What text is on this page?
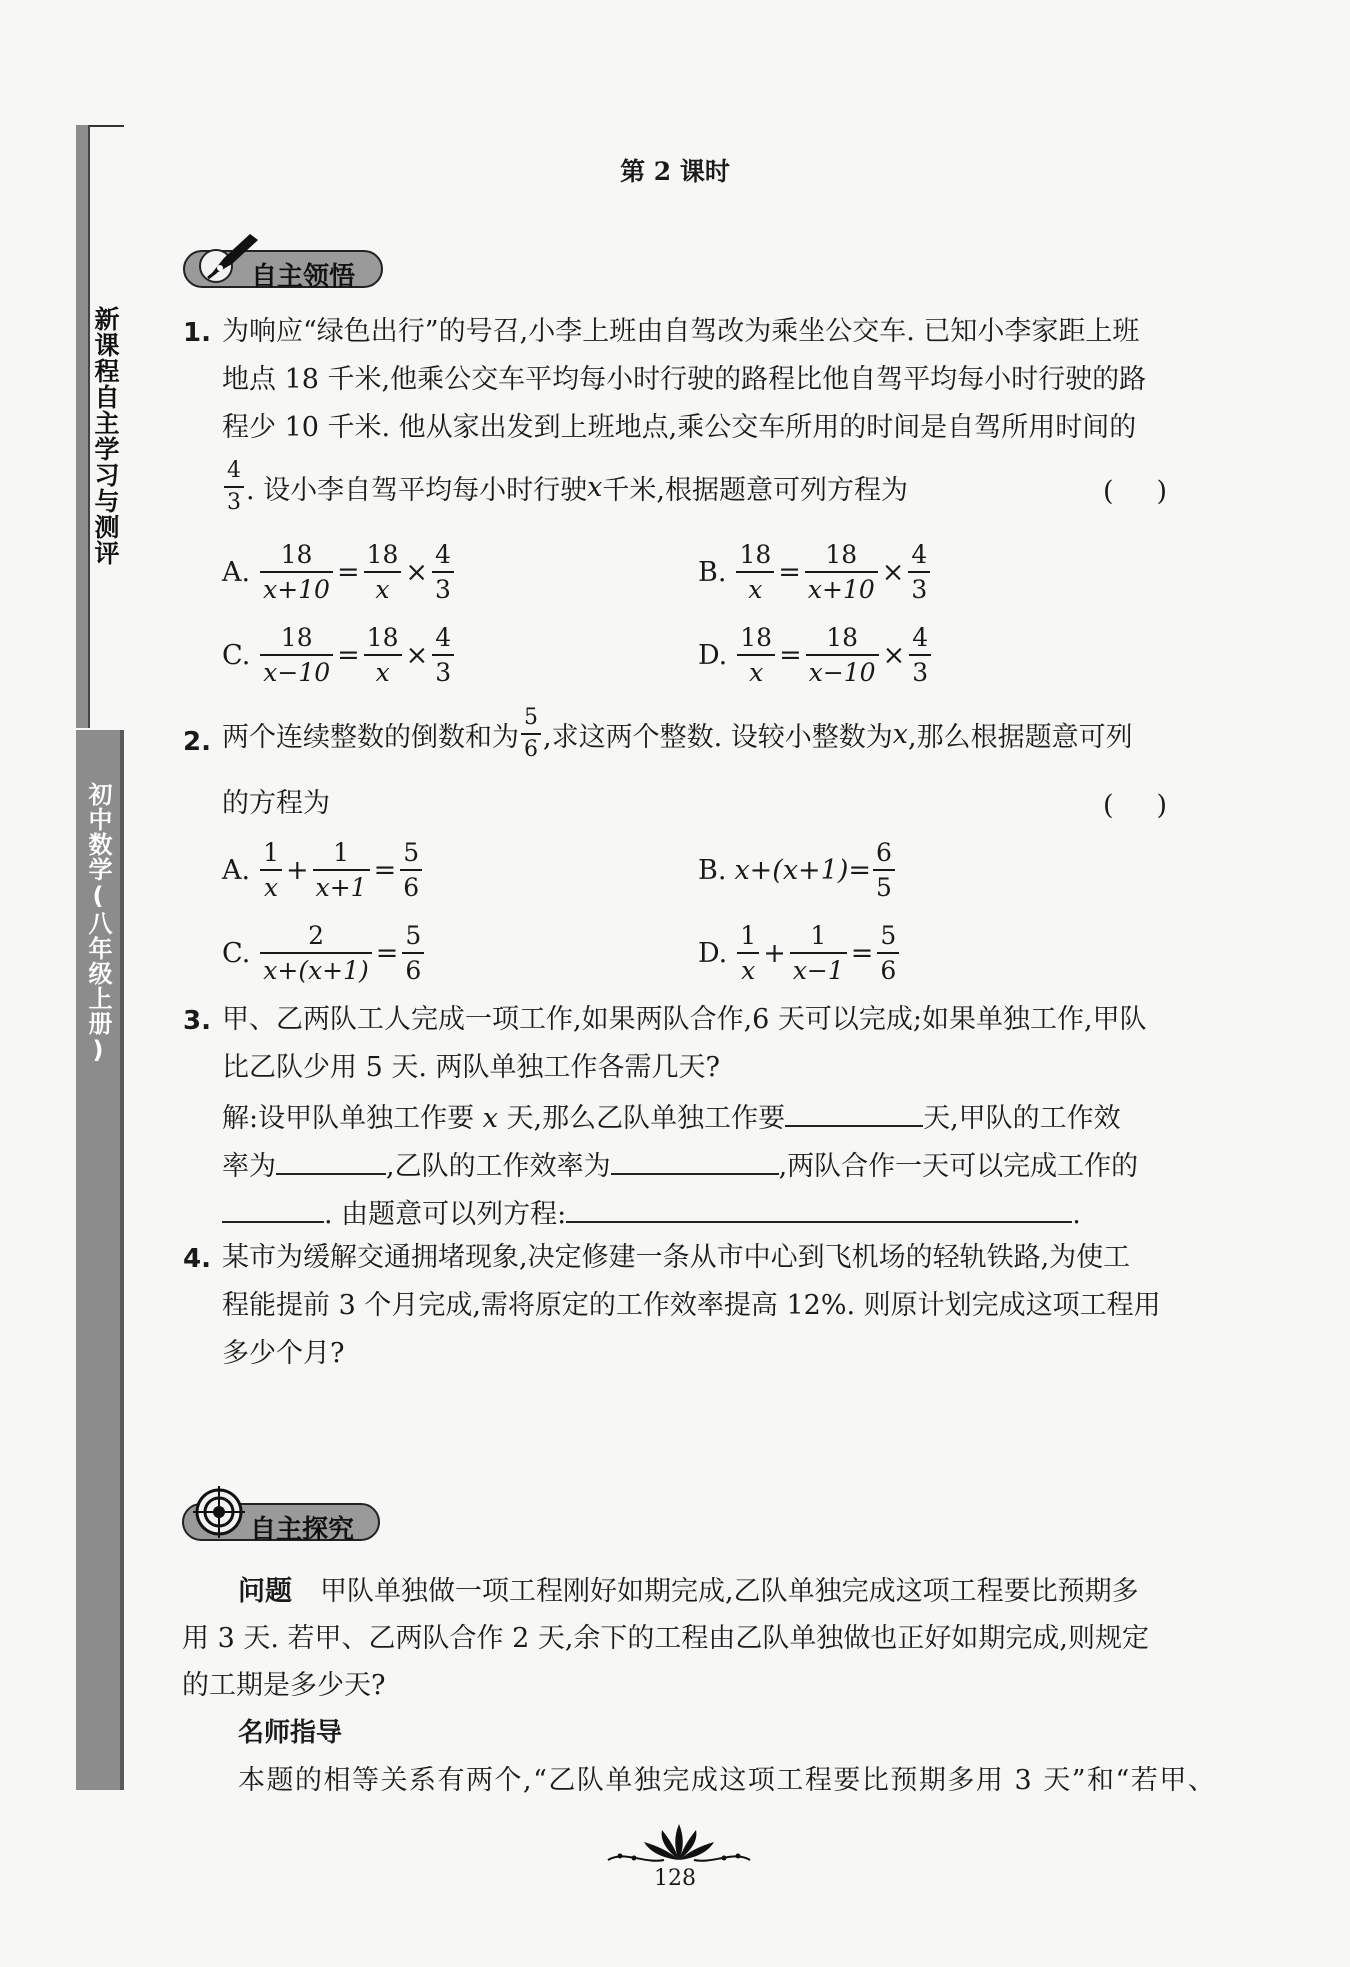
新课程自主学习与测评
初中数学(八年级上册)
第 2 课时
自主领悟
1. 为响应“绿色出行”的号召,小李上班由自驾改为乘坐公交车. 已知小李家距上班
地点 18 千米,他乘公交车平均每小时行驶的路程比他自驾平均每小时行驶的路
程少 10 千米. 他从家出发到上班地点,乘公交车所用的时间是自驾所用时间的
$\frac{4}{3}$ . 设小李自驾平均每小时行驶 x 千米,根据题意可列方程为	(     )
A. $\frac{18}{x+10} = \frac{18}{x} \times \frac{4}{3}$	B. $\frac{18}{x} = \frac{18}{x+10} \times \frac{4}{3}$
C. $\frac{18}{x-10} = \frac{18}{x} \times \frac{4}{3}$	D. $\frac{18}{x} = \frac{18}{x-10} \times \frac{4}{3}$
2. 两个连续整数的倒数和为 $\frac{5}{6}$ ,求这两个整数. 设较小整数为 x ,那么根据题意可列
的方程为	(     )
A. $\frac{1}{x} + \frac{1}{x+1} = \frac{5}{6}$	B. $x+(x+1)= \frac{6}{5}$
C. $\frac{2}{x+(x+1)} = \frac{5}{6}$	D. $\frac{1}{x} + \frac{1}{x-1} = \frac{5}{6}$
3. 甲、乙两队工人完成一项工作,如果两队合作,6 天可以完成;如果单独工作,甲队
比乙队少用 5 天. 两队单独工作各需几天?
解:设甲队单独工作要 x 天,那么乙队单独工作要	天,甲队的工作效
率为	,乙队的工作效率为	,两队合作一天可以完成工作的
. 由题意可以列方程:	.
4. 某市为缓解交通拥堵现象,决定修建一条从市中心到飞机场的轻轨铁路,为使工
程能提前 3 个月完成,需将原定的工作效率提高 12%. 则原计划完成这项工程用
多少个月?
自主探究
问题 甲队单独做一项工程刚好如期完成,乙队单独完成这项工程要比预期多
用 3 天. 若甲、乙两队合作 2 天,余下的工程由乙队单独做也正好如期完成,则规定
的工期是多少天?
名师指导
本题的相等关系有两个,“乙队单独完成这项工程要比预期多用 3 天”和“若甲、
128
